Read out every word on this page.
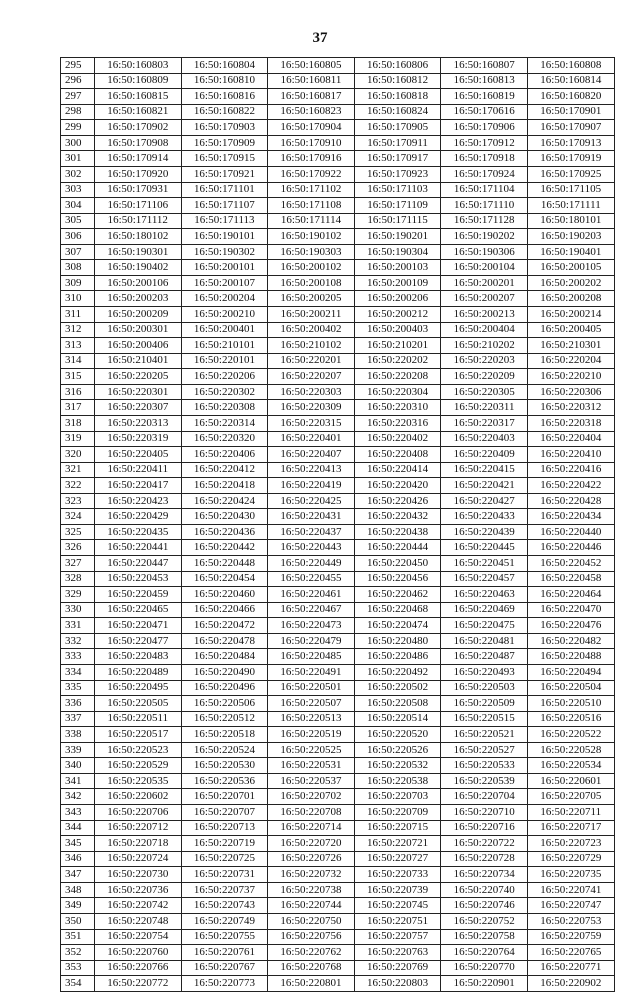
37
295	16:50:160803	16:50:160804	16:50:160805	16:50:160806	16:50:160807	16:50:160808
296	16:50:160809	16:50:160810	16:50:160811	16:50:160812	16:50:160813	16:50:160814
297	16:50:160815	16:50:160816	16:50:160817	16:50:160818	16:50:160819	16:50:160820
298	16:50:160821	16:50:160822	16:50:160823	16:50:160824	16:50:170616	16:50:170901
299	16:50:170902	16:50:170903	16:50:170904	16:50:170905	16:50:170906	16:50:170907
300	16:50:170908	16:50:170909	16:50:170910	16:50:170911	16:50:170912	16:50:170913
301	16:50:170914	16:50:170915	16:50:170916	16:50:170917	16:50:170918	16:50:170919
302	16:50:170920	16:50:170921	16:50:170922	16:50:170923	16:50:170924	16:50:170925
303	16:50:170931	16:50:171101	16:50:171102	16:50:171103	16:50:171104	16:50:171105
304	16:50:171106	16:50:171107	16:50:171108	16:50:171109	16:50:171110	16:50:171111
305	16:50:171112	16:50:171113	16:50:171114	16:50:171115	16:50:171128	16:50:180101
306	16:50:180102	16:50:190101	16:50:190102	16:50:190201	16:50:190202	16:50:190203
307	16:50:190301	16:50:190302	16:50:190303	16:50:190304	16:50:190306	16:50:190401
308	16:50:190402	16:50:200101	16:50:200102	16:50:200103	16:50:200104	16:50:200105
309	16:50:200106	16:50:200107	16:50:200108	16:50:200109	16:50:200201	16:50:200202
310	16:50:200203	16:50:200204	16:50:200205	16:50:200206	16:50:200207	16:50:200208
311	16:50:200209	16:50:200210	16:50:200211	16:50:200212	16:50:200213	16:50:200214
312	16:50:200301	16:50:200401	16:50:200402	16:50:200403	16:50:200404	16:50:200405
313	16:50:200406	16:50:210101	16:50:210102	16:50:210201	16:50:210202	16:50:210301
314	16:50:210401	16:50:220101	16:50:220201	16:50:220202	16:50:220203	16:50:220204
315	16:50:220205	16:50:220206	16:50:220207	16:50:220208	16:50:220209	16:50:220210
316	16:50:220301	16:50:220302	16:50:220303	16:50:220304	16:50:220305	16:50:220306
317	16:50:220307	16:50:220308	16:50:220309	16:50:220310	16:50:220311	16:50:220312
318	16:50:220313	16:50:220314	16:50:220315	16:50:220316	16:50:220317	16:50:220318
319	16:50:220319	16:50:220320	16:50:220401	16:50:220402	16:50:220403	16:50:220404
320	16:50:220405	16:50:220406	16:50:220407	16:50:220408	16:50:220409	16:50:220410
321	16:50:220411	16:50:220412	16:50:220413	16:50:220414	16:50:220415	16:50:220416
322	16:50:220417	16:50:220418	16:50:220419	16:50:220420	16:50:220421	16:50:220422
323	16:50:220423	16:50:220424	16:50:220425	16:50:220426	16:50:220427	16:50:220428
324	16:50:220429	16:50:220430	16:50:220431	16:50:220432	16:50:220433	16:50:220434
325	16:50:220435	16:50:220436	16:50:220437	16:50:220438	16:50:220439	16:50:220440
326	16:50:220441	16:50:220442	16:50:220443	16:50:220444	16:50:220445	16:50:220446
327	16:50:220447	16:50:220448	16:50:220449	16:50:220450	16:50:220451	16:50:220452
328	16:50:220453	16:50:220454	16:50:220455	16:50:220456	16:50:220457	16:50:220458
329	16:50:220459	16:50:220460	16:50:220461	16:50:220462	16:50:220463	16:50:220464
330	16:50:220465	16:50:220466	16:50:220467	16:50:220468	16:50:220469	16:50:220470
331	16:50:220471	16:50:220472	16:50:220473	16:50:220474	16:50:220475	16:50:220476
332	16:50:220477	16:50:220478	16:50:220479	16:50:220480	16:50:220481	16:50:220482
333	16:50:220483	16:50:220484	16:50:220485	16:50:220486	16:50:220487	16:50:220488
334	16:50:220489	16:50:220490	16:50:220491	16:50:220492	16:50:220493	16:50:220494
335	16:50:220495	16:50:220496	16:50:220501	16:50:220502	16:50:220503	16:50:220504
336	16:50:220505	16:50:220506	16:50:220507	16:50:220508	16:50:220509	16:50:220510
337	16:50:220511	16:50:220512	16:50:220513	16:50:220514	16:50:220515	16:50:220516
338	16:50:220517	16:50:220518	16:50:220519	16:50:220520	16:50:220521	16:50:220522
339	16:50:220523	16:50:220524	16:50:220525	16:50:220526	16:50:220527	16:50:220528
340	16:50:220529	16:50:220530	16:50:220531	16:50:220532	16:50:220533	16:50:220534
341	16:50:220535	16:50:220536	16:50:220537	16:50:220538	16:50:220539	16:50:220601
342	16:50:220602	16:50:220701	16:50:220702	16:50:220703	16:50:220704	16:50:220705
343	16:50:220706	16:50:220707	16:50:220708	16:50:220709	16:50:220710	16:50:220711
344	16:50:220712	16:50:220713	16:50:220714	16:50:220715	16:50:220716	16:50:220717
345	16:50:220718	16:50:220719	16:50:220720	16:50:220721	16:50:220722	16:50:220723
346	16:50:220724	16:50:220725	16:50:220726	16:50:220727	16:50:220728	16:50:220729
347	16:50:220730	16:50:220731	16:50:220732	16:50:220733	16:50:220734	16:50:220735
348	16:50:220736	16:50:220737	16:50:220738	16:50:220739	16:50:220740	16:50:220741
349	16:50:220742	16:50:220743	16:50:220744	16:50:220745	16:50:220746	16:50:220747
350	16:50:220748	16:50:220749	16:50:220750	16:50:220751	16:50:220752	16:50:220753
351	16:50:220754	16:50:220755	16:50:220756	16:50:220757	16:50:220758	16:50:220759
352	16:50:220760	16:50:220761	16:50:220762	16:50:220763	16:50:220764	16:50:220765
353	16:50:220766	16:50:220767	16:50:220768	16:50:220769	16:50:220770	16:50:220771
354	16:50:220772	16:50:220773	16:50:220801	16:50:220803	16:50:220901	16:50:220902
